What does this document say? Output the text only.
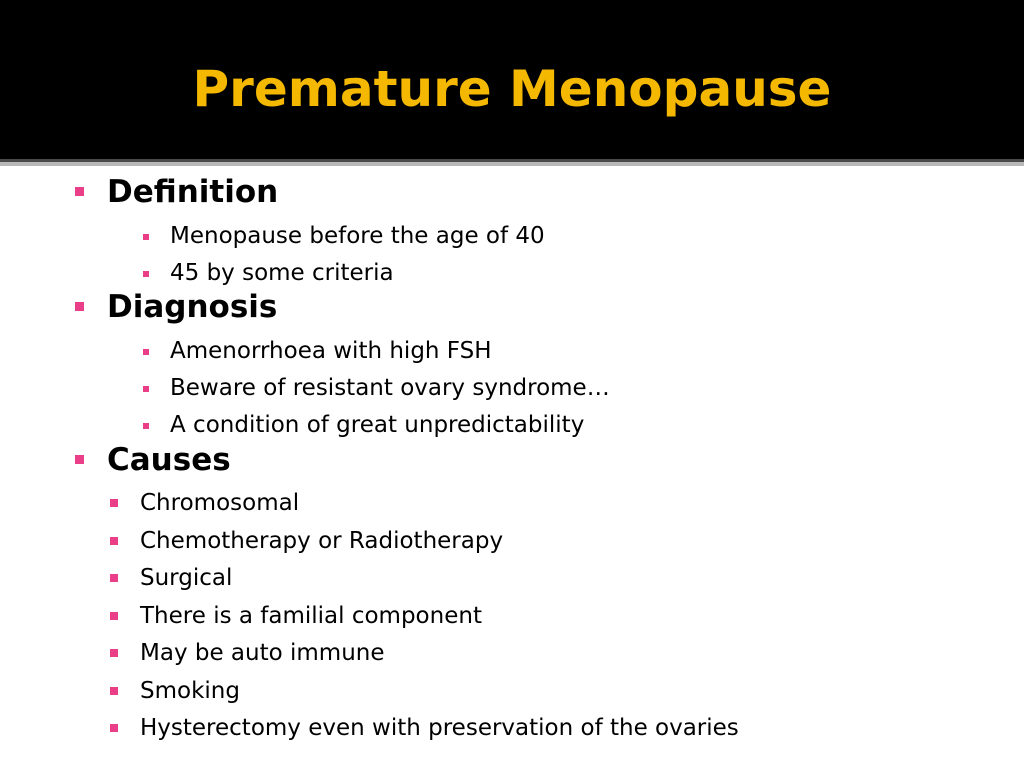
Premature Menopause
Definition
Menopause before the age of 40
45 by some criteria
Diagnosis
Amenorrhoea with high FSH
Beware of resistant ovary syndrome…
A condition of great unpredictability
Causes
Chromosomal
Chemotherapy or Radiotherapy
Surgical
There is a familial component
May be auto immune
Smoking
Hysterectomy even with preservation of the ovaries
